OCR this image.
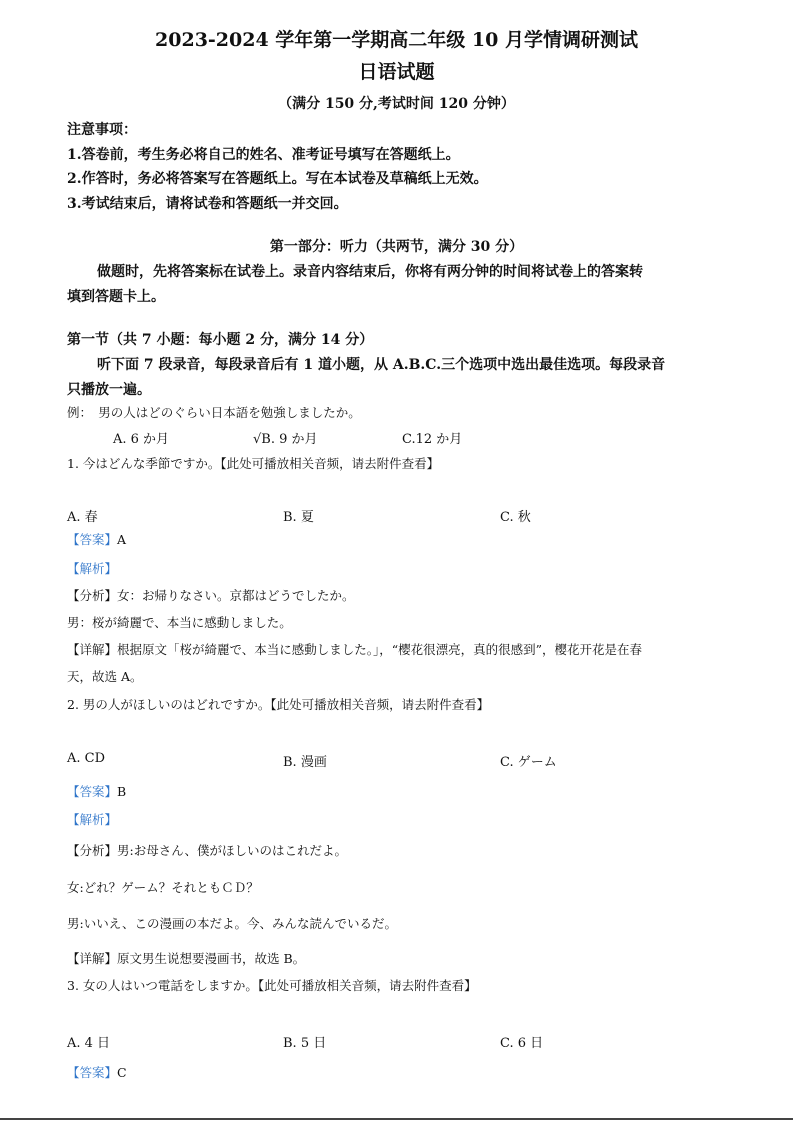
2023-2024 学年第一学期高二年级 10 月学情调研测试
日语试题
（满分 150 分,考试时间 120 分钟）
注意事项：
1.答卷前，考生务必将自己的姓名、准考证号填写在答题纸上。
2.作答时，务必将答案写在答题纸上。写在本试卷及草稿纸上无效。
3.考试结束后，请将试卷和答题纸一并交回。
第一部分：听力（共两节，满分 30 分）
做题时，先将答案标在试卷上。录音内容结束后，你将有两分钟的时间将试卷上的答案转
填到答题卡上。
第一节（共 7 小题：每小题 2 分，满分 14 分）
听下面 7 段录音，每段录音后有 1 道小题，从 A.B.C.三个选项中选出最佳选项。每段录音
只播放一遍。
例：　男の人はどのぐらい日本語を勉強しましたか。
A. 6 か月	√B. 9 か月	C.12 か月
1. 今はどんな季節ですか。【此处可播放相关音频，请去附件查看】
A. 春	B. 夏	C. 秋
【答案】A
【解析】
【分析】女：お帰りなさい。京都はどうでしたか。
男：桜が綺麗で、本当に感動しました。
【详解】根据原文「桜が綺麗で、本当に感動しました。」，“樱花很漂亮，真的很感到”，樱花开花是在春
天，故选 A。
2. 男の人がほしいのはどれですか。【此处可播放相关音频，请去附件查看】
A. CD	B. 漫画	C. ゲーム
【答案】B
【解析】
【分析】男:お母さん、僕がほしいのはこれだよ。
女:どれ？ゲーム？それともＣＤ？
男:いいえ、この漫画の本だよ。今、みんな読んでいるだ。
【详解】原文男生说想要漫画书，故选 B。
3. 女の人はいつ電話をしますか。【此处可播放相关音频，请去附件查看】
A. 4 日	B. 5 日	C. 6 日
【答案】C
